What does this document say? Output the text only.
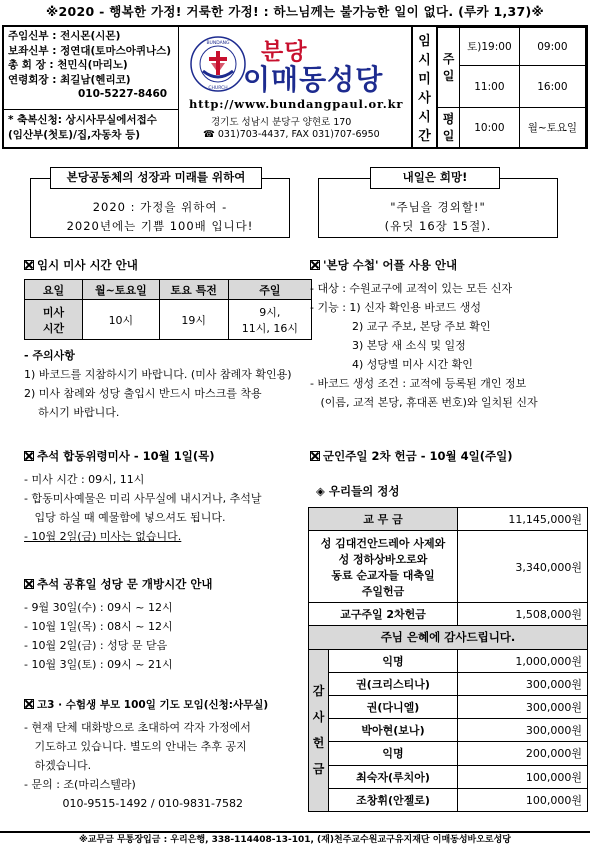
※2020 - 행복한 가정! 거룩한 가정! : 하느님께는 불가능한 일이 없다. (루카 1,37)※
주임신부 : 전시몬(시몬)
보좌신부 : 정연대(토마스아퀴나스)
총 회 장 : 천민식(마리노)
연령회장 : 최길남(헨리코)
010-5227-8460
* 축복신청: 상시사무실에서접수
(임산부(첫토)/집,자동차 등)
BUNDANG
CHURCH
분당
이매동성당
http://www.bundangpaul.or.kr
경기도 성남시 분당구 양현로 170
☎ 031)703-4437, FAX 031)707-6950
임
시
미
사
시
간
주
일	토)19:00	09:00
	11:00	16:00
평
일	10:00	월~토요일
본당공동체의 성장과 미래를 위하여
2020 : 가정을 위하여 -
2020년에는 기쁨 100배 입니다!
내일은 희망!
"주님을 경외할!"
(유딧 16장 15절).
임시 미사 시간 안내
요일	월~토요일	토요 특전	주일
미사
시간	10시	19시	9시,
11시, 16시

- 주의사항

1) 바코드를 지참하시기 바랍니다. (미사 참례자 확인용)

2) 미사 참례와 성당 출입시 반드시 마스크를 착용

하시기 바랍니다.

추석 합동위령미사 - 10월 1일(목)

- 미사 시간 : 09시, 11시

- 합동미사예물은 미리 사무실에 내시거나, 추석날

입당 하실 때 예물함에 넣으셔도 됩니다.

- 10월 2일(금) 미사는 없습니다.

추석 공휴일 성당 문 개방시간 안내

- 9월 30일(수) : 09시 ~ 12시

- 10월 1일(목) : 08시 ~ 12시

- 10월 2일(금) : 성당 문 닫음

- 10월 3일(토) : 09시 ~ 21시

고3 · 수험생 부모 100일 기도 모임(신청:사무실)

- 현재 단체 대화방으로 초대하여 각자 가정에서

기도하고 있습니다. 별도의 안내는 추후 공지

하겠습니다.

- 문의 : 조(마리스텔라)

010-9515-1492 / 010-9831-7582

'본당 수첩' 어플 사용 안내

- 대상 : 수원교구에 교적이 있는 모든 신자

- 기능 : 1) 신자 확인용 바코드 생성

2) 교구 주보, 본당 주보 확인

3) 본당 새 소식 및 일정

4) 성당별 미사 시간 확인

- 바코드 생성 조건 : 교적에 등록된 개인 정보

(이름, 교적 본당, 휴대폰 번호)와 일치된 신자

군인주일 2차 헌금 - 10월 4일(주일)
◈ 우리들의 정성
교 무 금		11,145,000원
성 김대건안드레아 사제와
성 정하상바오로와
동료 순교자들 대축일
주일헌금		3,340,000원
교구주일 2차헌금		1,508,000원
주님 은혜에 감사드립니다.		
감
사
헌
금	익명	1,000,000원
	권(크리스티나)	300,000원
	권(다니엘)	300,000원
	박아현(보나)	300,000원
	익명	200,000원
	최숙자(루치아)	100,000원
	조창휘(안젤로)	100,000원
※교무금 무통장입금 : 우리은행, 338-114408-13-101, (재)천주교수원교구유지재단 이매동성바오로성당
